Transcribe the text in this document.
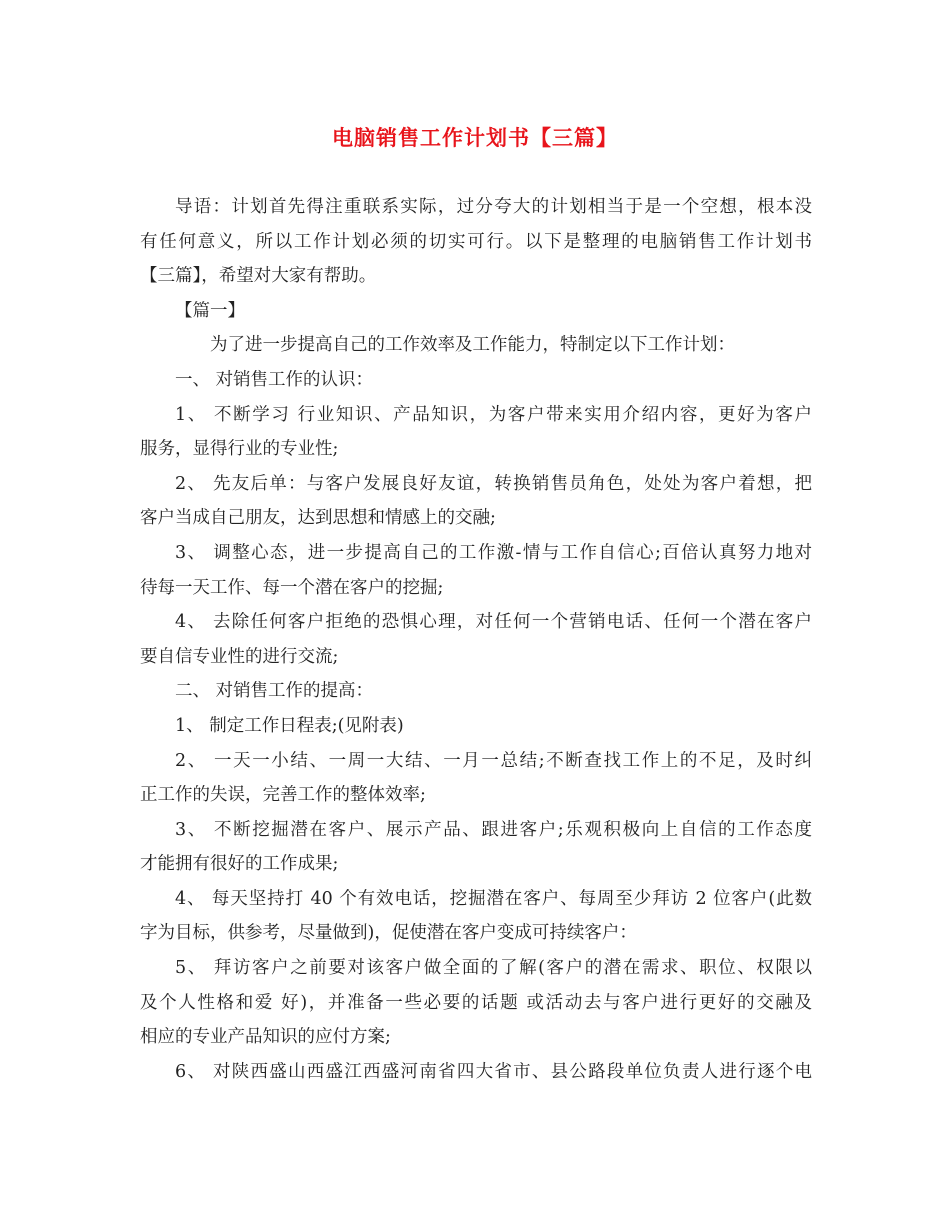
电脑销售工作计划书【三篇】
导语：计划首先得注重联系实际，过分夸大的计划相当于是一个空想，根本没
有任何意义，所以工作计划必须的切实可行。以下是整理的电脑销售工作计划书
【三篇】，希望对大家有帮助。
【篇一】
为了进一步提高自己的工作效率及工作能力，特制定以下工作计划：
一、 对销售工作的认识：
1、 不断学习 行业知识、产品知识，为客户带来实用介绍内容，更好为客户
服务，显得行业的专业性;
2、 先友后单：与客户发展良好友谊，转换销售员角色，处处为客户着想，把
客户当成自己朋友，达到思想和情感上的交融;
3、 调整心态，进一步提高自己的工作激-情与工作自信心;百倍认真努力地对
待每一天工作、每一个潜在客户的挖掘;
4、 去除任何客户拒绝的恐惧心理，对任何一个营销电话、任何一个潜在客户
要自信专业性的进行交流;
二、 对销售工作的提高：
1、 制定工作日程表;(见附表)
2、 一天一小结、一周一大结、一月一总结;不断查找工作上的不足，及时纠
正工作的失误，完善工作的整体效率;
3、 不断挖掘潜在客户、展示产品、跟进客户;乐观积极向上自信的工作态度
才能拥有很好的工作成果;
4、 每天坚持打 40 个有效电话，挖掘潜在客户、每周至少拜访 2 位客户(此数
字为目标，供参考，尽量做到)，促使潜在客户变成可持续客户：
5、 拜访客户之前要对该客户做全面的了解(客户的潜在需求、职位、权限以
及个人性格和爱 好)，并准备一些必要的话题 或活动去与客户进行更好的交融及
相应的专业产品知识的应付方案;
6、 对陕西盛山西盛江西盛河南省四大省市、县公路段单位负责人进行逐个电
